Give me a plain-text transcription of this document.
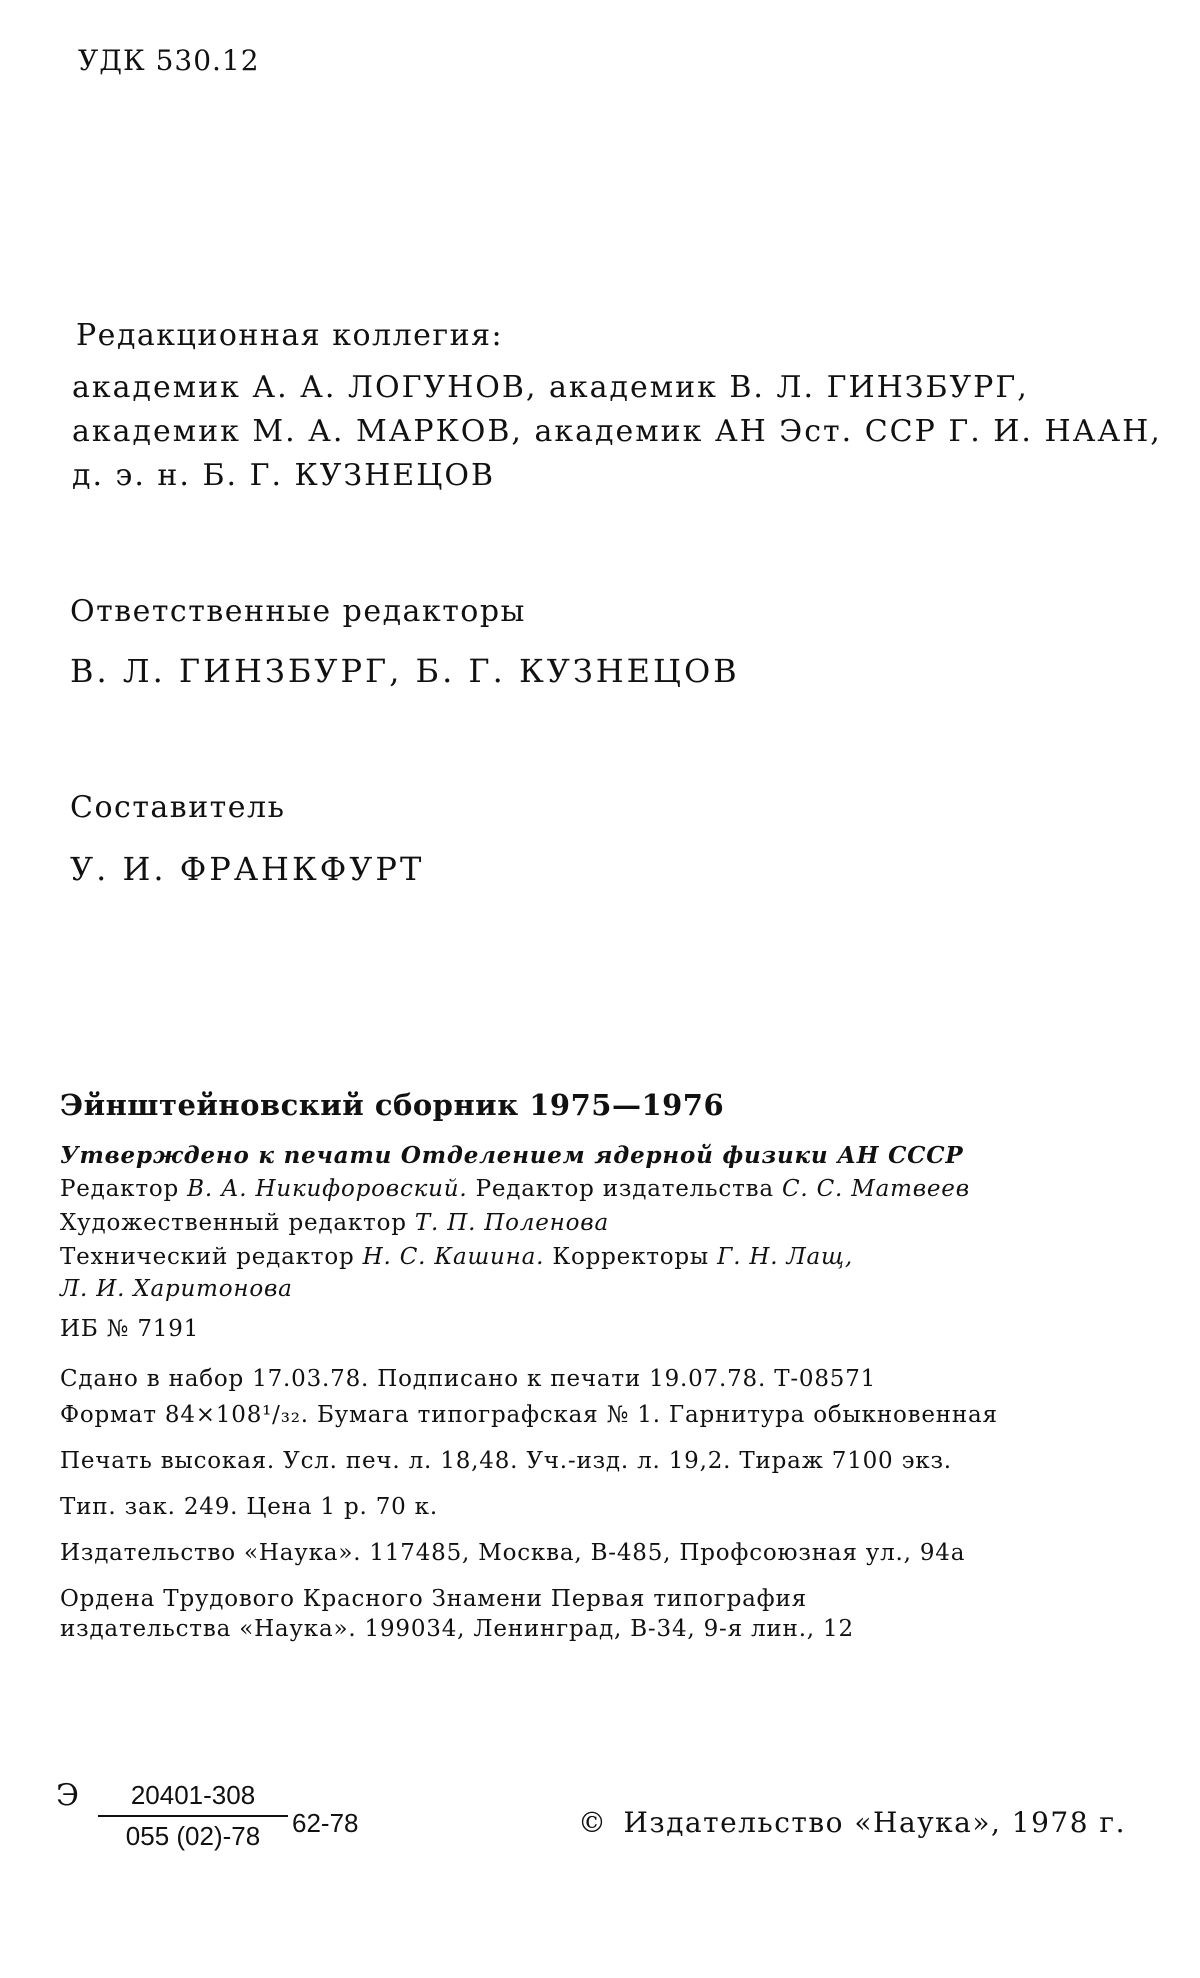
УДК 530.12
Редакционная коллегия:
академик А. А. ЛОГУНОВ, академик В. Л. ГИНЗБУРГ,
академик М. А. МАРКОВ, академик АН Эст. ССР Г. И. НААН,
д. э. н. Б. Г. КУЗНЕЦОВ
Ответственные редакторы
В. Л. ГИНЗБУРГ, Б. Г. КУЗНЕЦОВ
Составитель
У. И. ФРАНКФУРТ
Эйнштейновский сборник 1975—1976
Утверждено к печати Отделением ядерной физики АН СССР
Редактор В. А. Никифоровский. Редактор издательства С. С. Матвеев
Художественный редактор Т. П. Поленова
Технический редактор Н. С. Кашина. Корректоры Г. Н. Лащ,
Л. И. Харитонова
ИБ № 7191
Сдано в набор 17.03.78. Подписано к печати 19.07.78. Т-08571
Формат 84×108¹/₃₂. Бумага типографская № 1. Гарнитура обыкновенная
Печать высокая. Усл. печ. л. 18,48. Уч.-изд. л. 19,2. Тираж 7100 экз.
Тип. зак. 249. Цена 1 р. 70 к.
Издательство «Наука». 117485, Москва, В-485, Профсоюзная ул., 94а
Ордена Трудового Красного Знамени Первая типография
издательства «Наука». 199034, Ленинград, В-34, 9-я лин., 12
Э	20401-308
055 (02)-78	62-78	© Издательство «Наука», 1978 г.
